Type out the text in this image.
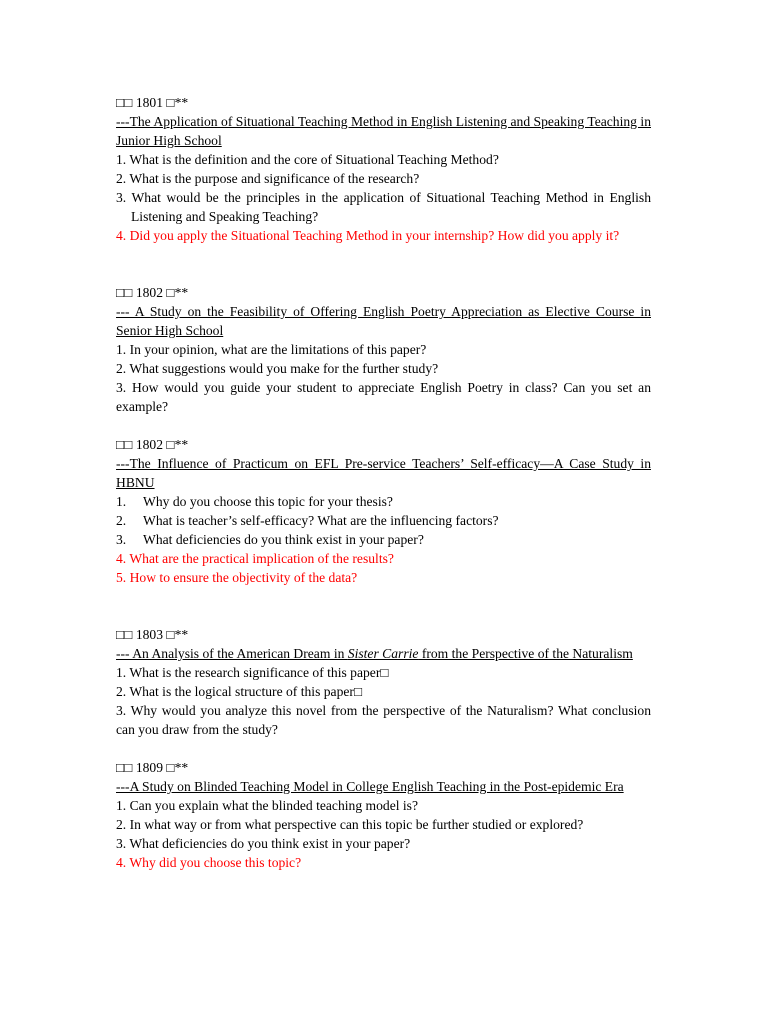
□□ 1801 □**
---The Application of Situational Teaching Method in English Listening and Speaking Teaching in Junior High School
1. What is the definition and the core of Situational Teaching Method?
2. What is the purpose and significance of the research?
3. What would be the principles in the application of Situational Teaching Method in English Listening and Speaking Teaching?
4. Did you apply the Situational Teaching Method in your internship? How did you apply it?
□□ 1802 □**
--- A Study on the Feasibility of Offering English Poetry Appreciation as Elective Course in Senior High School
1. In your opinion, what are the limitations of this paper?
2. What suggestions would you make for the further study?
3. How would you guide your student to appreciate English Poetry in class? Can you set an example?
□□ 1802 □**
---The Influence of Practicum on EFL Pre-service Teachers’ Self-efficacy—A Case Study in HBNU
1. Why do you choose this topic for your thesis?
2. What is teacher’s self-efficacy? What are the influencing factors?
3. What deficiencies do you think exist in your paper?
4. What are the practical implication of the results?
5. How to ensure the objectivity of the data?
□□ 1803 □**
--- An Analysis of the American Dream in Sister Carrie from the Perspective of the Naturalism
1. What is the research significance of this paper□
2. What is the logical structure of this paper□
3. Why would you analyze this novel from the perspective of the Naturalism? What conclusion can you draw from the study?
□□ 1809 □**
---A Study on Blinded Teaching Model in College English Teaching in the Post-epidemic Era
1. Can you explain what the blinded teaching model is?
2. In what way or from what perspective can this topic be further studied or explored?
3. What deficiencies do you think exist in your paper?
4. Why did you choose this topic?
